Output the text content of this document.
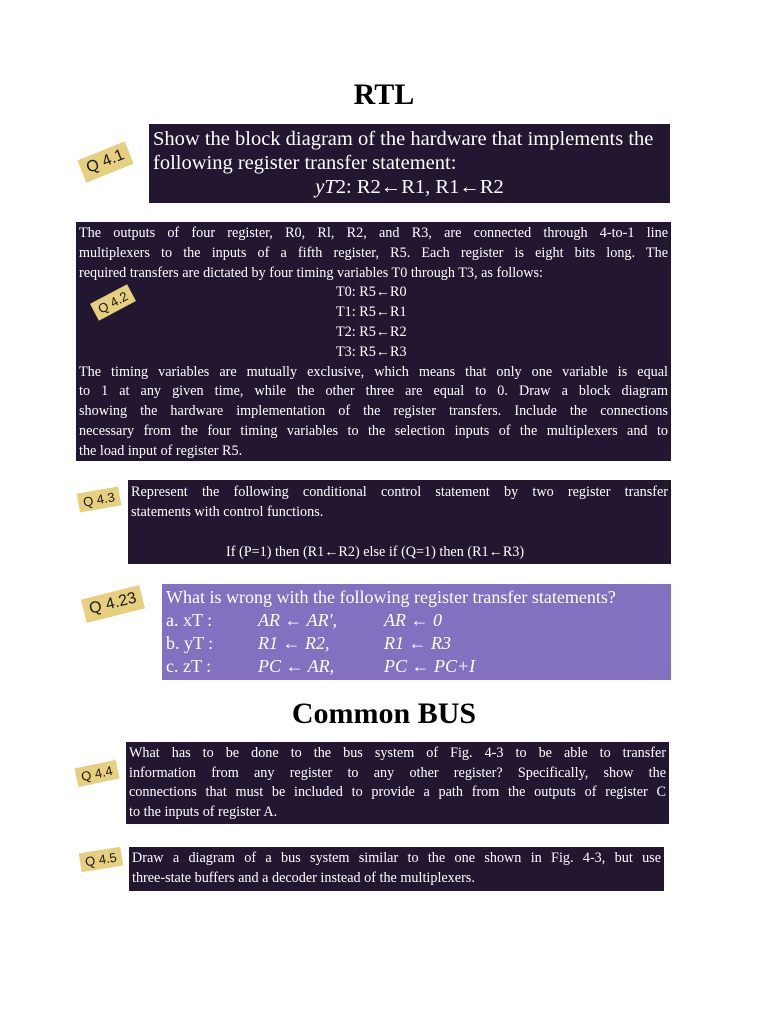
RTL
Common BUS
Q 4.1
Show the block diagram of the hardware that implements the
following register transfer statement:
yT2: R2←R1, R1←R2
The outputs of four register, R0, Rl, R2, and R3, are connected through 4-to-1 line
multiplexers to the inputs of a fifth register, R5. Each register is eight bits long. The
required transfers are dictated by four timing variables T0 through T3, as follows:
T0: R5←R0
T1: R5←R1
T2: R5←R2
T3: R5←R3
The timing variables are mutually exclusive, which means that only one variable is equal
to 1 at any given time, while the other three are equal to 0. Draw a block diagram
showing the hardware implementation of the register transfers. Include the connections
necessary from the four timing variables to the selection inputs of the multiplexers and to
the load input of register R5.
Q 4.2
Q 4.3	Represent the following conditional control statement by two register transfer
statements with control functions.
If (P=1) then (R1←R2) else if (Q=1) then (R1←R3)
Q 4.23	What is wrong with the following register transfer statements?
a. xT :	AR ← AR',	AR ← 0
b. yT :	R1 ← R2,	R1 ← R3
c. zT :	PC ← AR,	PC ← PC+I
Q 4.4
What has to be done to the bus system of Fig. 4-3 to be able to transfer
information from any register to any other register? Specifically, show the
connections that must be included to provide a path from the outputs of register C
to the inputs of register A.
Q 4.5	Draw a diagram of a bus system similar to the one shown in Fig. 4-3, but use
three-state buffers and a decoder instead of the multiplexers.
